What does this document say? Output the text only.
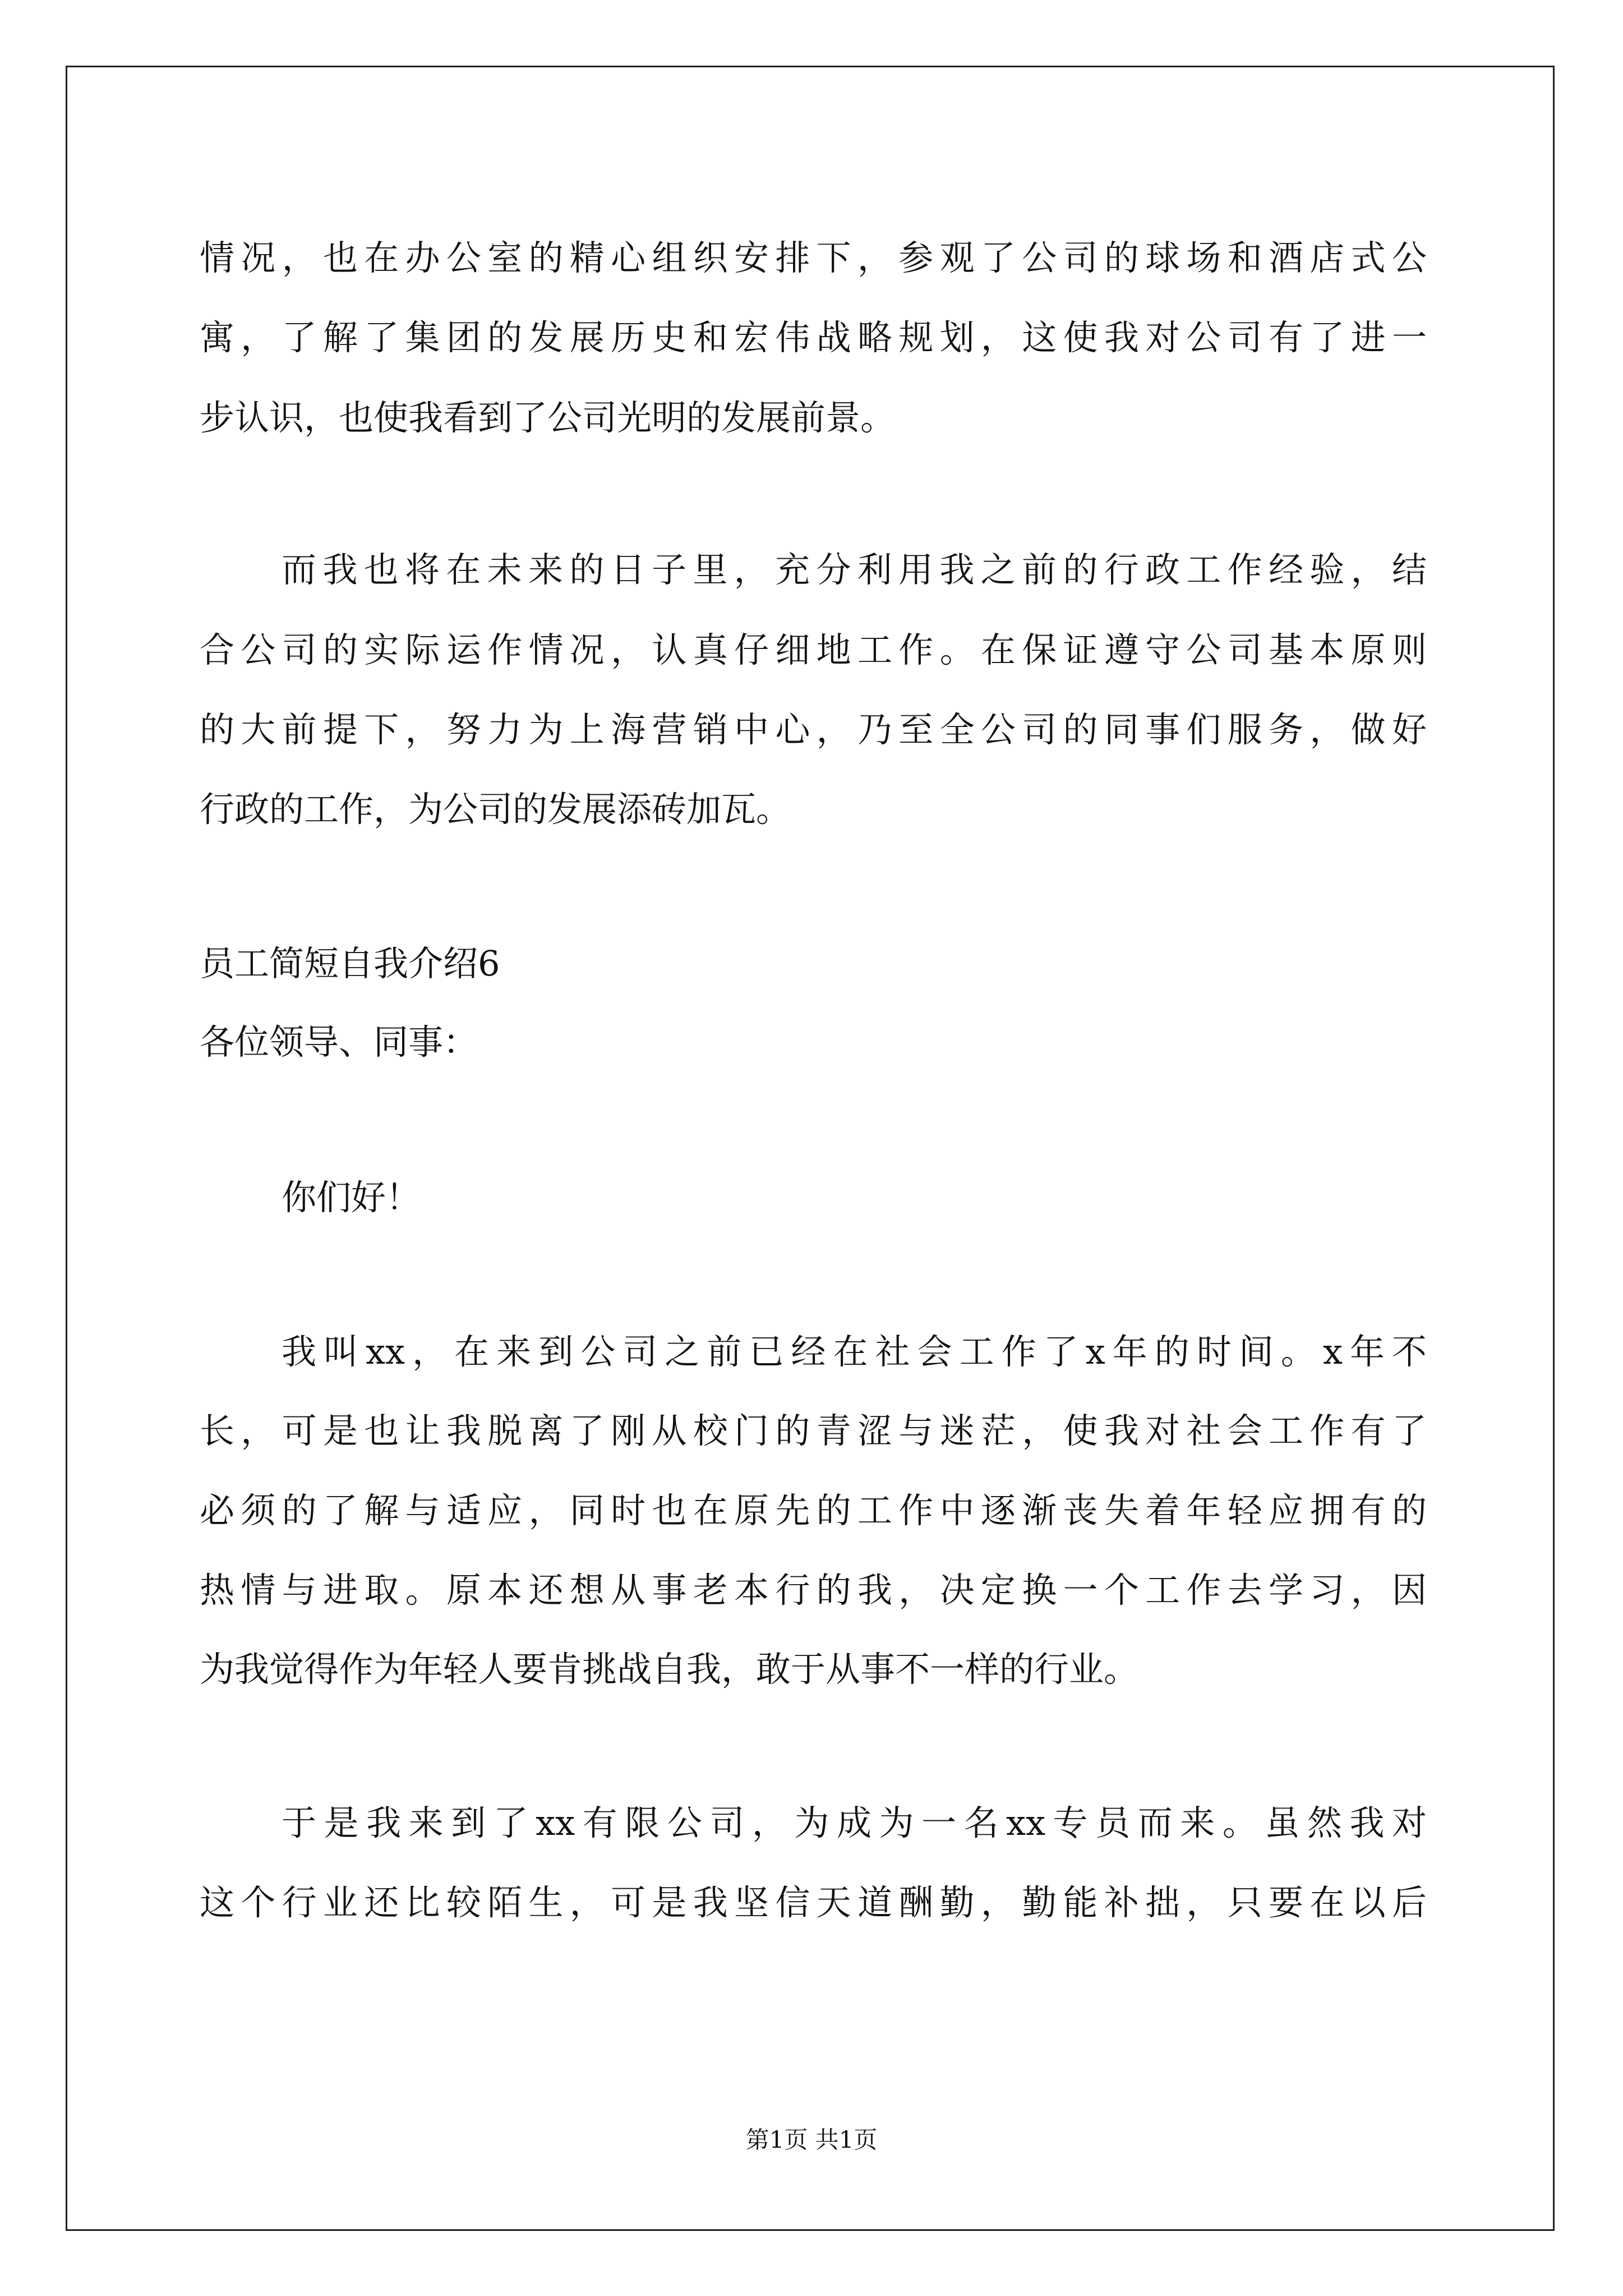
情况，也在办公室的精心组织安排下，参观了公司的球场和酒店式公
寓，了解了集团的发展历史和宏伟战略规划，这使我对公司有了进一
步认识，也使我看到了公司光明的发展前景。
而我也将在未来的日子里，充分利用我之前的行政工作经验，结
合公司的实际运作情况，认真仔细地工作。在保证遵守公司基本原则
的大前提下，努力为上海营销中心，乃至全公司的同事们服务，做好
行政的工作，为公司的发展添砖加瓦。
员工简短自我介绍6
各位领导、同事：
你们好！
我叫xx，在来到公司之前已经在社会工作了x年的时间。x年不
长，可是也让我脱离了刚从校门的青涩与迷茫，使我对社会工作有了
必须的了解与适应，同时也在原先的工作中逐渐丧失着年轻应拥有的
热情与进取。原本还想从事老本行的我，决定换一个工作去学习，因
为我觉得作为年轻人要肯挑战自我，敢于从事不一样的行业。
于是我来到了xx有限公司，为成为一名xx专员而来。虽然我对
这个行业还比较陌生，可是我坚信天道酬勤，勤能补拙，只要在以后
第1页 共1页
